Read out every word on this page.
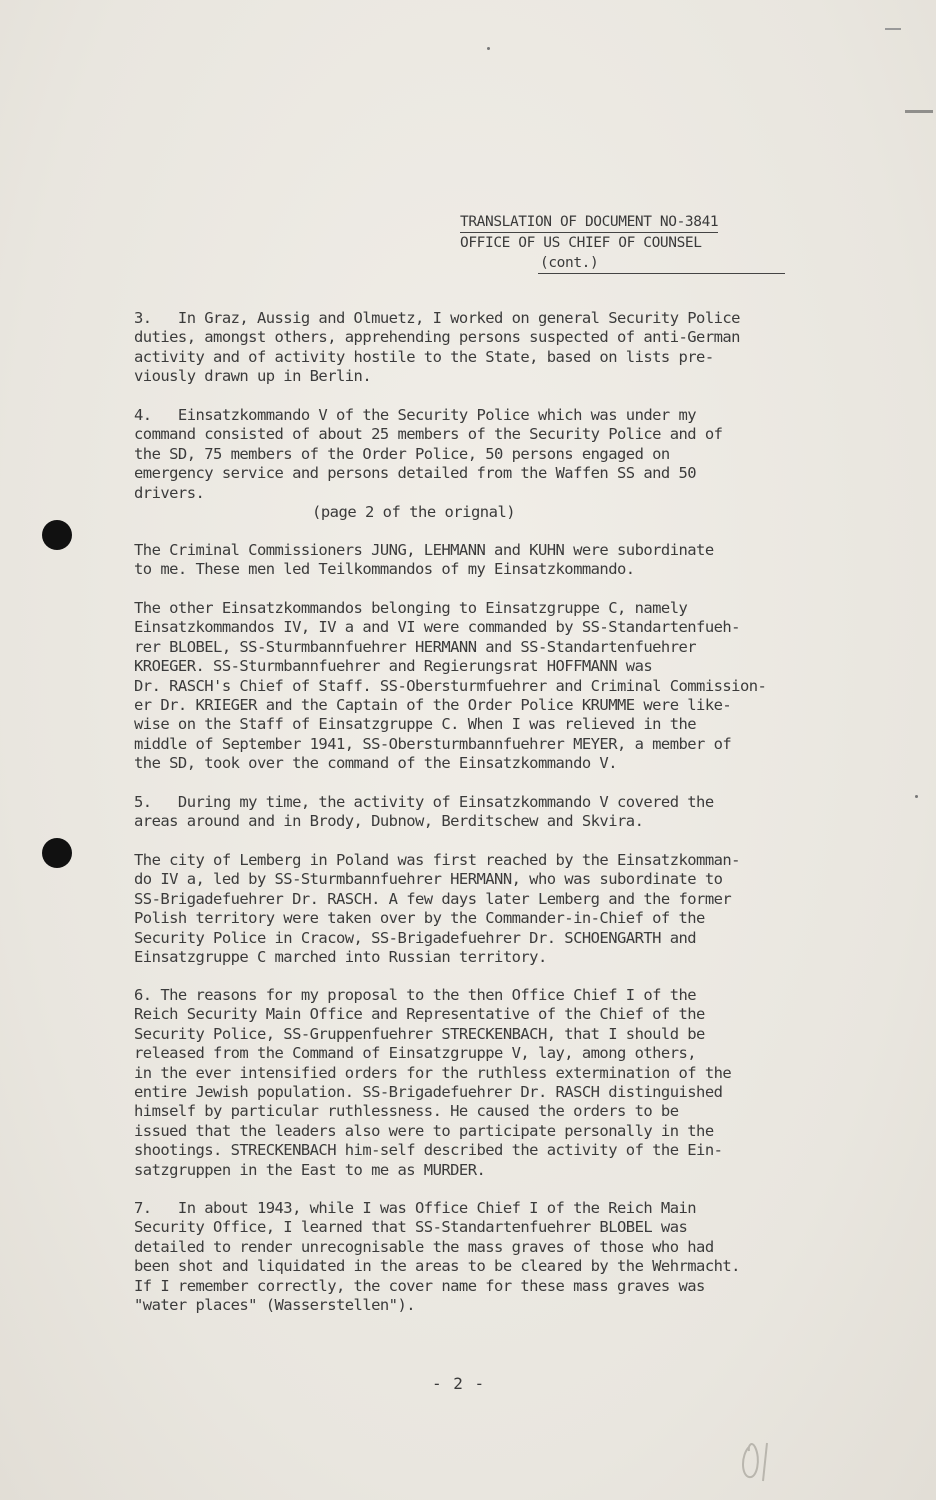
TRANSLATION OF DOCUMENT NO-3841
OFFICE OF US CHIEF OF COUNSEL
(cont.)
3.   In Graz, Aussig and Olmuetz, I worked on general Security Police
duties, amongst others, apprehending persons suspected of anti-German
activity and of activity hostile to the State, based on lists pre-
viously drawn up in Berlin.
4.   Einsatzkommando V of the Security Police which was under my
command consisted of about 25 members of the Security Police and of
the SD, 75 members of the Order Police, 50 persons engaged on
emergency service and persons detailed from the Waffen SS and 50
drivers.
(page 2 of the orignal)
The Criminal Commissioners JUNG, LEHMANN and KUHN were subordinate
to me. These men led Teilkommandos of my Einsatzkommando.
The other Einsatzkommandos belonging to Einsatzgruppe C, namely
Einsatzkommandos IV, IV a and VI were commanded by SS-Standartenfueh-
rer BLOBEL, SS-Sturmbannfuehrer HERMANN and SS-Standartenfuehrer
KROEGER. SS-Sturmbannfuehrer and Regierungsrat HOFFMANN was
Dr. RASCH's Chief of Staff. SS-Obersturmfuehrer and Criminal Commission-
er Dr. KRIEGER and the Captain of the Order Police KRUMME were like-
wise on the Staff of Einsatzgruppe C. When I was relieved in the
middle of September 1941, SS-Obersturmbannfuehrer MEYER, a member of
the SD, took over the command of the Einsatzkommando V.
5.   During my time, the activity of Einsatzkommando V covered the
areas around and in Brody, Dubnow, Berditschew and Skvira.
The city of Lemberg in Poland was first reached by the Einsatzkomman-
do IV a, led by SS-Sturmbannfuehrer HERMANN, who was subordinate to
SS-Brigadefuehrer Dr. RASCH. A few days later Lemberg and the former
Polish territory were taken over by the Commander-in-Chief of the
Security Police in Cracow, SS-Brigadefuehrer Dr. SCHOENGARTH and
Einsatzgruppe C marched into Russian territory.
6. The reasons for my proposal to the then Office Chief I of the
Reich Security Main Office and Representative of the Chief of the
Security Police, SS-Gruppenfuehrer STRECKENBACH, that I should be
released from the Command of Einsatzgruppe V, lay, among others,
in the ever intensified orders for the ruthless extermination of the
entire Jewish population. SS-Brigadefuehrer Dr. RASCH distinguished
himself by particular ruthlessness. He caused the orders to be
issued that the leaders also were to participate personally in the
shootings. STRECKENBACH him-self described the activity of the Ein-
satzgruppen in the East to me as MURDER.
7.   In about 1943, while I was Office Chief I of the Reich Main
Security Office, I learned that SS-Standartenfuehrer BLOBEL was
detailed to render unrecognisable the mass graves of those who had
been shot and liquidated in the areas to be cleared by the Wehrmacht.
If I remember correctly, the cover name for these mass graves was
"water places" (Wasserstellen").
- 2 -
